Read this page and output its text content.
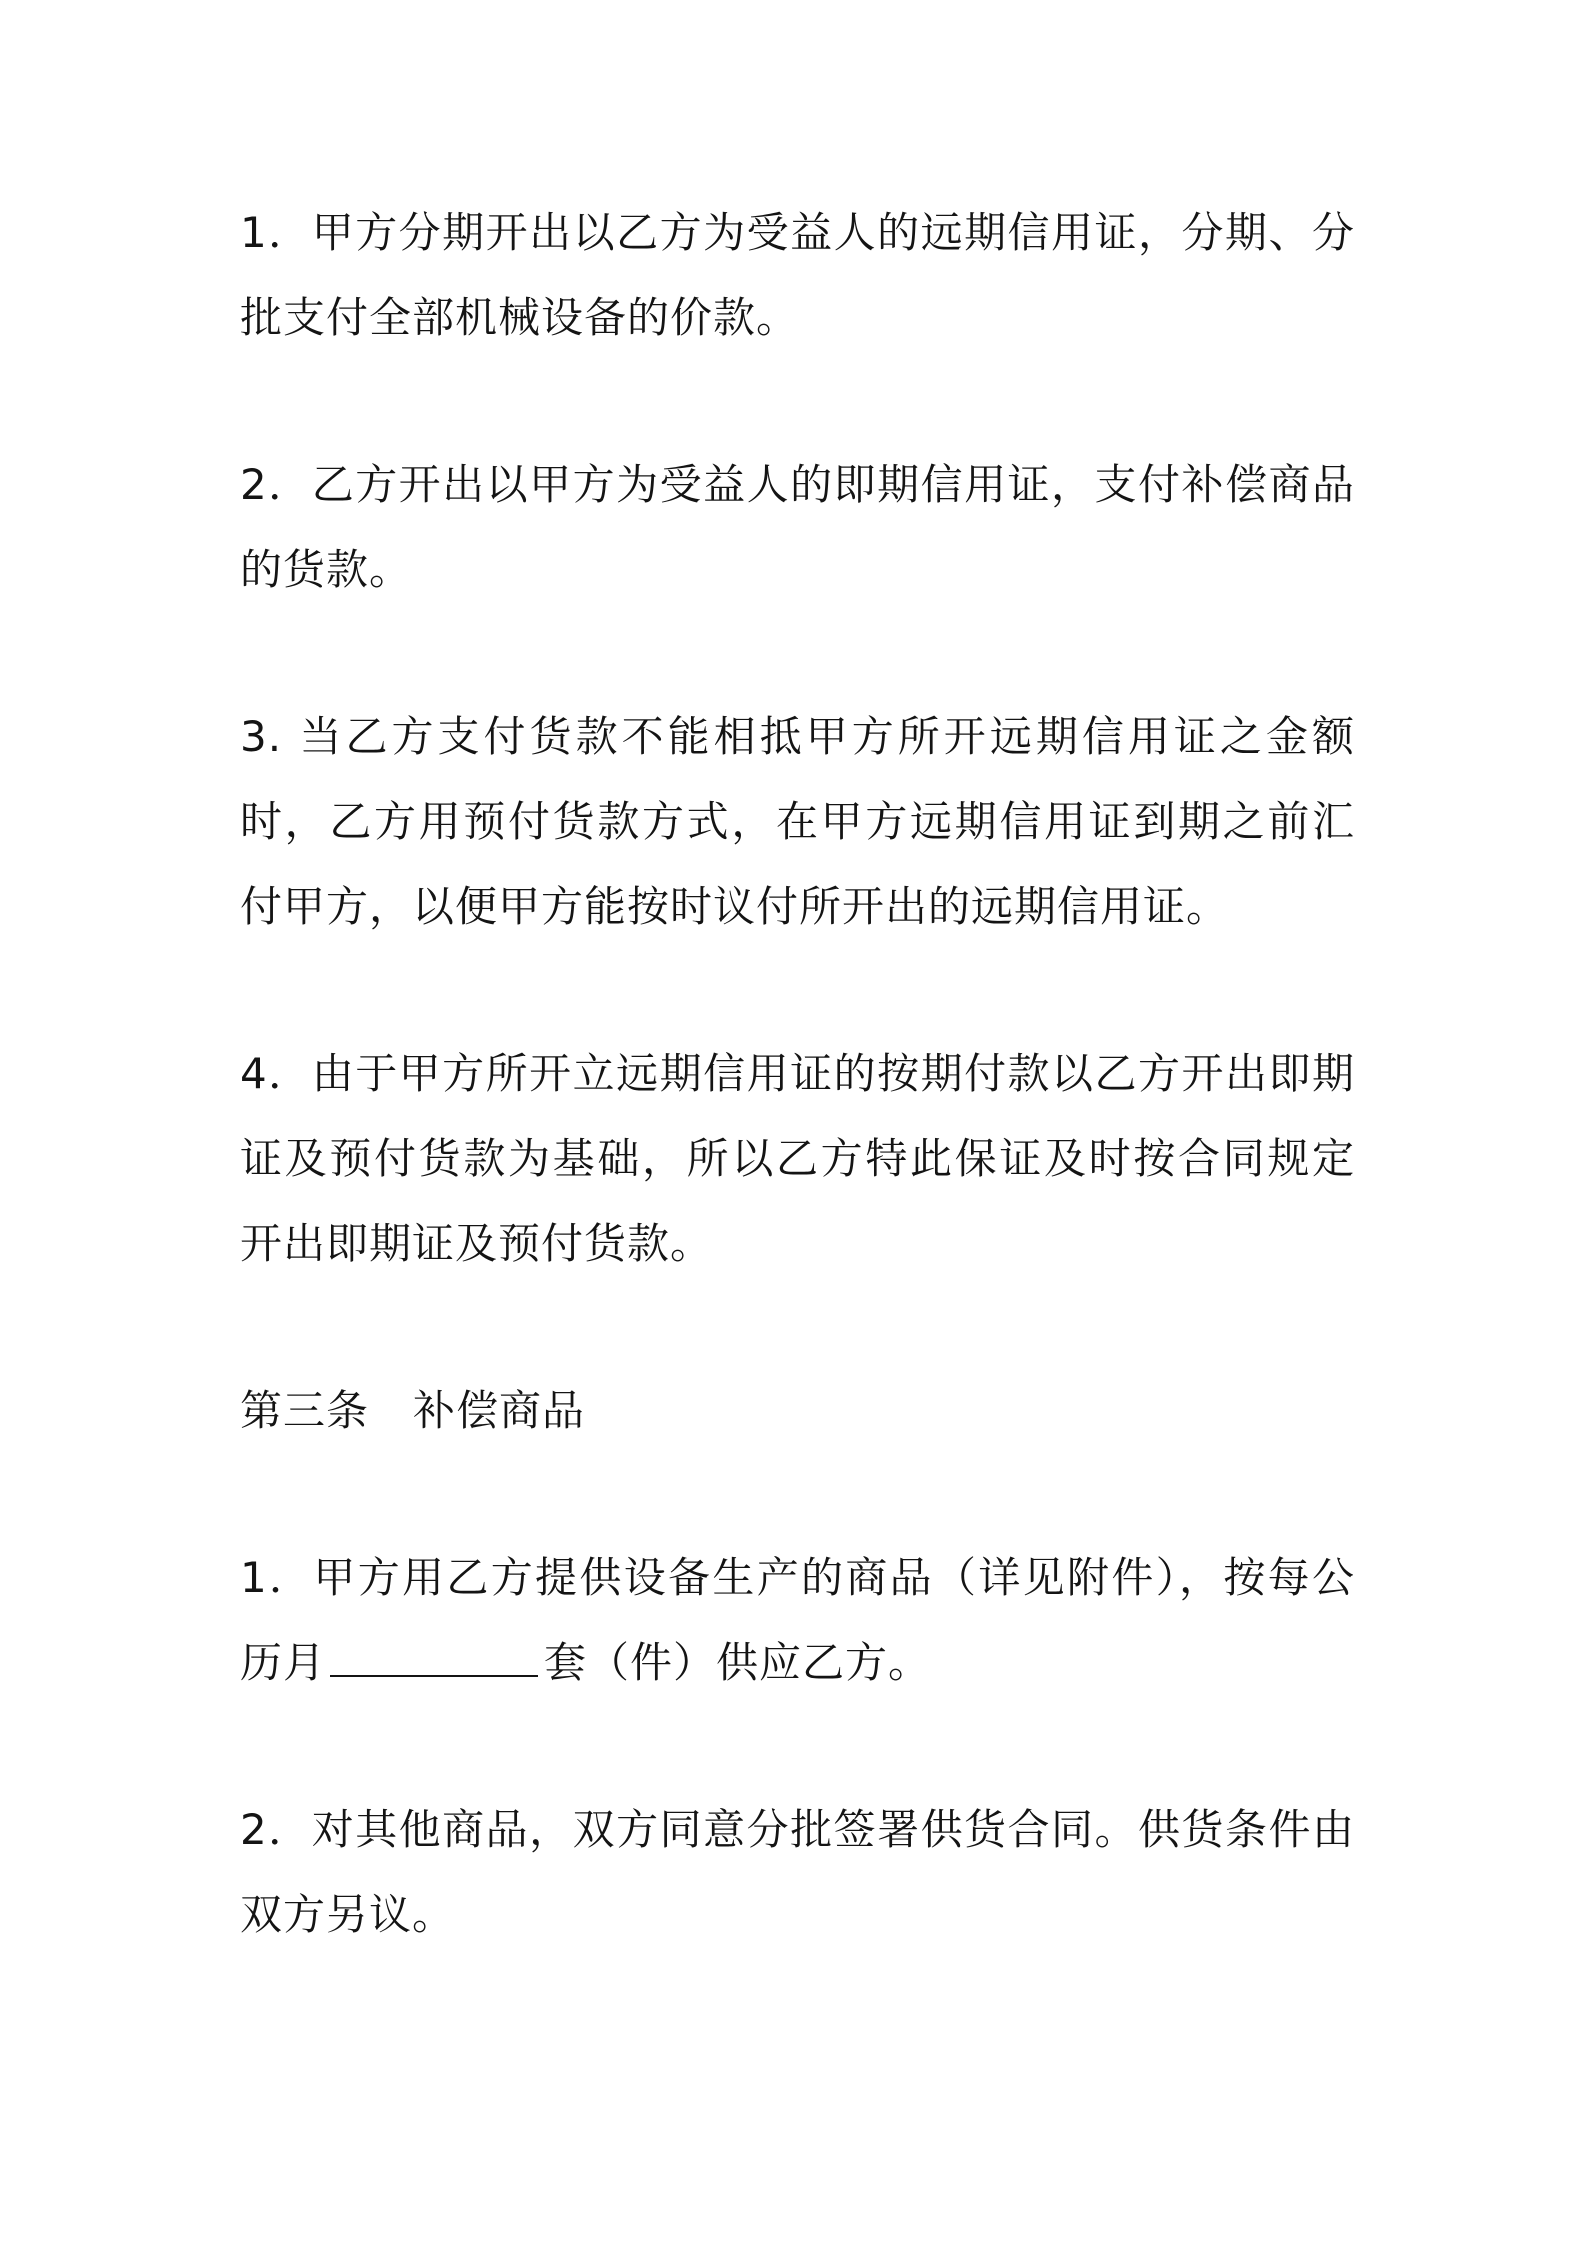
1．甲方分期开出以乙方为受益人的远期信用证，分期、分批支付全部机械设备的价款。

2．乙方开出以甲方为受益人的即期信用证，支付补偿商品的货款。

3. 当乙方支付货款不能相抵甲方所开远期信用证之金额时，乙方用预付货款方式，在甲方远期信用证到期之前汇付甲方，以便甲方能按时议付所开出的远期信用证。

4．由于甲方所开立远期信用证的按期付款以乙方开出即期证及预付货款为基础，所以乙方特此保证及时按合同规定开出即期证及预付货款。

第三条 补偿商品

1．甲方用乙方提供设备生产的商品（详见附件），按每公历月	套（件）供应乙方。

2．对其他商品，双方同意分批签署供货合同。供货条件由双方另议。
